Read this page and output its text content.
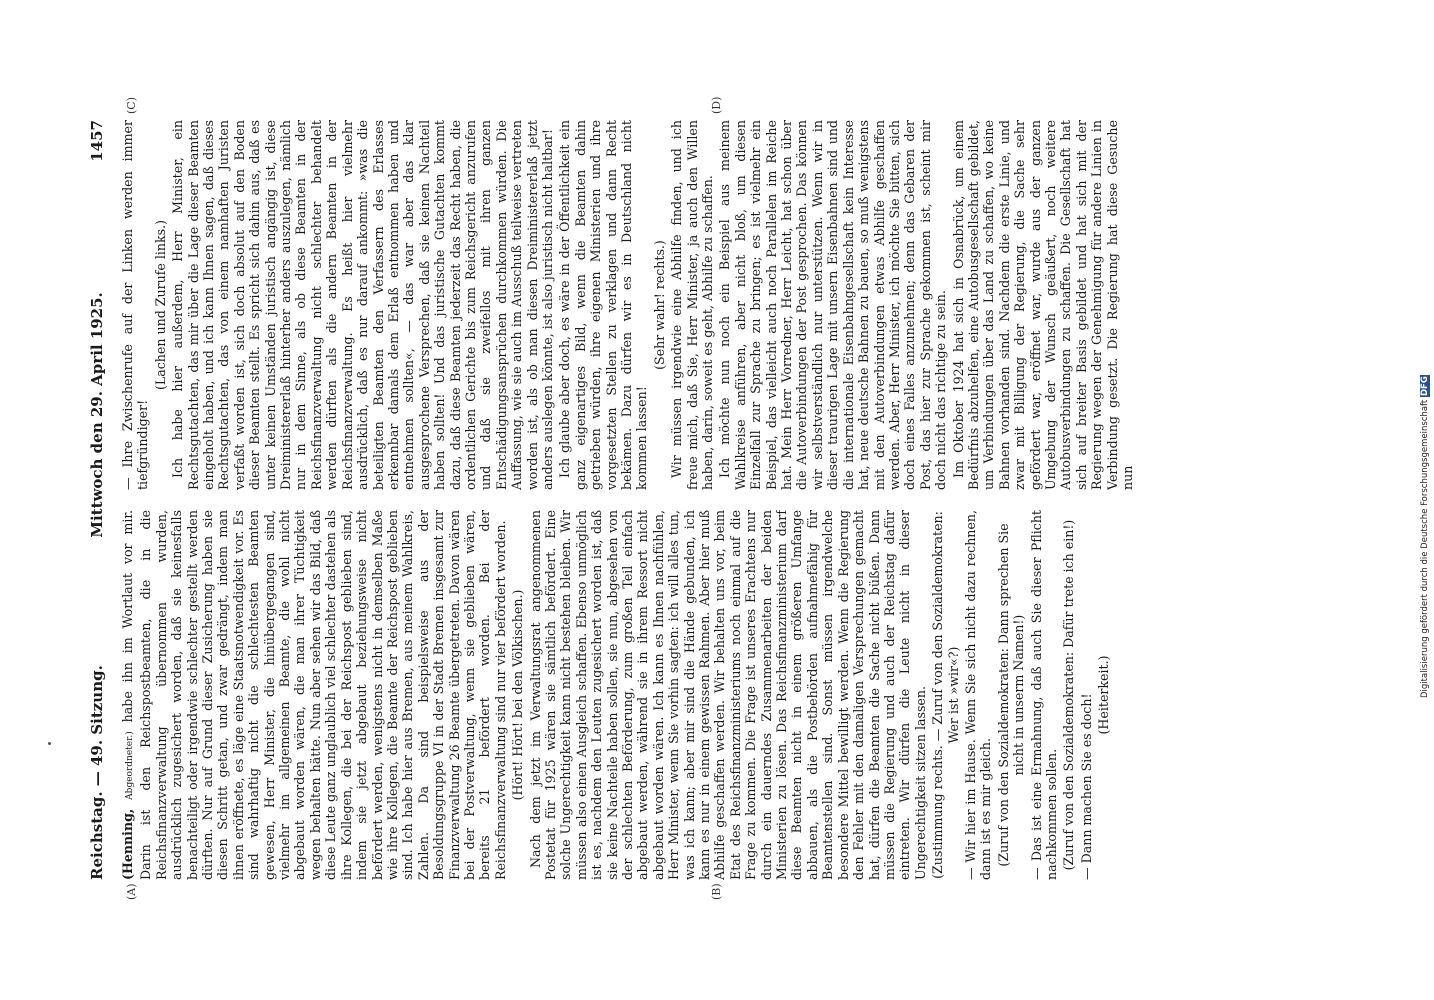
Reichstag. — 49. Sitzung.
Mittwoch den 29. April 1925.  1457
(A)	(B)
(C)	(D)

(Henning, Abgeordneter.) habe ihn im Wortlaut vor mir. Darin ist den Reichspostbeamten, die in die Reichsfinanzverwaltung übernommen wurden, ausdrücklich zugesichert worden, daß sie keinesfalls benachteiligt oder irgendwie schlechter gestellt werden dürften. Nur auf Grund dieser Zusicherung haben sie diesen Schritt getan, und zwar gedrängt, indem man ihnen eröffnete, es läge eine Staatsnotwendigkeit vor. Es sind wahrhaftig nicht die schlechtesten Beamten gewesen, Herr Minister, die hinübergegangen sind, vielmehr im allgemeinen Beamte, die wohl nicht abgebaut worden wären, die man ihrer Tüchtigkeit wegen behalten hätte. Nun aber sehen wir das Bild, daß diese Leute ganz unglaublich viel schlechter dastehen als ihre Kollegen, die bei der Reichspost geblieben sind, indem sie jetzt abgebaut beziehungsweise nicht befördert werden, wenigstens nicht in demselben Maße wie ihre Kollegen, die Beamte der Reichspost geblieben sind. Ich habe hier aus Bremen, aus meinem Wahlkreis, Zahlen. Da sind beispielsweise aus der Besoldungsgruppe VI in der Stadt Bremen insgesamt zur Finanzverwaltung 26 Beamte übergetreten. Davon wären bei der Postverwaltung, wenn sie geblieben wären, bereits 21 befördert worden. Bei der Reichsfinanzverwaltung sind nur vier befördert worden. (Hört! Hört! bei den Völkischen.) Nach dem jetzt im Verwaltungsrat angenommenen Postetat für 1925 wären sie sämtlich befördert. Eine solche Ungerechtigkeit kann nicht bestehen bleiben. Wir müssen also einen Ausgleich schaffen. Ebenso unmöglich ist es, nachdem den Leuten zugesichert worden ist, daß sie keine Nachteile haben sollen, sie nun, abgesehen von der schlechten Beförderung, zum großen Teil einfach abgebaut werden, während sie in ihrem Ressort nicht abgebaut worden wären. Ich kann es Ihnen nachfühlen, Herr Minister, wenn Sie vorhin sagten: ich will alles tun, was ich kann; aber mir sind die Hände gebunden, ich kann es nur in einem gewissen Rahmen. Aber hier muß Abhilfe geschaffen werden. Wir behalten uns vor, beim Etat des Reichsfinanzministeriums noch einmal auf die Frage zu kommen. Die Frage ist unseres Erachtens nur durch ein dauerndes Zusammenarbeiten der beiden Ministerien zu lösen. Das Reichsfinanzministerium darf diese Beamten nicht in einem größeren Umfange abbauen, als die Postbehörden aufnahmefähig für Beamtenstellen sind. Sonst müssen irgendwelche besondere Mittel bewilligt werden. Wenn die Regierung den Fehler mit den damaligen Versprechungen gemacht hat, dürfen die Beamten die Sache nicht büßen. Dann müssen die Regierung und auch der Reichstag dafür eintreten. Wir dürfen die Leute nicht in dieser Ungerechtigkeit sitzen lassen. (Zustimmung rechts. — Zuruf von den Sozialdemokraten: Wer ist »wir«?) — Wir hier im Hause. Wenn Sie sich nicht dazu rechnen, dann ist es mir gleich. (Zuruf von den Sozialdemokraten: Dann sprechen Sie nicht in unserm Namen!) — Das ist eine Ermahnung, daß auch Sie dieser Pflicht nachkommen sollen. (Zuruf von den Sozialdemokraten: Dafür trete ich ein!) — Dann machen Sie es doch! (Heiterkeit.)

— Ihre Zwischenrufe auf der Linken werden immer tiefgründiger!

(Lachen und Zurufe links.) Ich habe hier außerdem, Herr Minister, ein Rechtsgutachten, das mir über die Lage dieser Beamten eingeholt haben, und ich kann Ihnen sagen, daß dieses Rechtsgutachten, das von einem namhaften Juristen verfaßt worden ist, sich doch absolut auf den Boden dieser Beamten stellt. Es spricht sich dahin aus, daß es unter keinen Umständen juristisch angängig ist, diese Dreiministererlaß hinterher anders auszulegen, nämlich nur in dem Sinne, als ob diese Beamten in der Reichsfinanzverwaltung nicht schlechter behandelt werden dürften als die andern Beamten in der Reichsfinanzverwaltung. Es heißt hier vielmehr ausdrücklich, daß es nur darauf ankommt: »was die beteiligten Beamten den Verfassern des Erlasses erkennbar damals dem Erlaß entnommen haben und entnehmen sollten«, — das war aber das klar ausgesprochene Versprechen, daß sie keinen Nachteil haben sollten! Und das juristische Gutachten kommt dazu, daß diese Beamten jederzeit das Recht haben, die ordentlichen Gerichte bis zum Reichsgericht anzurufen und daß sie zweifellos mit ihren ganzen Entschädigungsansprüchen durchkommen würden. Die Auffassung, wie sie auch im Ausschuß teilweise vertreten worden ist, als ob man diesen Dreiministererlaß jetzt anders auslegen könnte, ist also juristisch nicht haltbar! Ich glaube aber doch, es wäre in der Öffentlichkeit ein ganz eigenartiges Bild, wenn die Beamten dahin getrieben würden, ihre eigenen Ministerien und ihre vorgesetzten Stellen zu verklagen und dann Recht bekämen. Dazu dürfen wir es in Deutschland nicht kommen lassen!

(Sehr wahr! rechts.) Wir müssen irgendwie eine Abhilfe finden, und ich freue mich, daß Sie, Herr Minister, ja auch den Willen haben, darin, soweit es geht, Abhilfe zu schaffen. Ich möchte nun noch ein Beispiel aus meinem Wahlkreise anführen, aber nicht bloß, um diesen Einzelfall zur Sprache zu bringen; es ist vielmehr ein Beispiel, das vielleicht auch noch Parallelen im Reiche hat. Mein Herr Vorredner, Herr Leicht, hat schon über die Autoverbindungen der Post gesprochen. Das können wir selbstverständlich nur unterstützen. Wenn wir in dieser traurigen Lage mit unsern Eisenbahnen sind und die internationale Eisenbahngesellschaft kein Interesse hat, neue deutsche Bahnen zu bauen, so muß wenigstens mit den Autoverbindungen etwas Abhilfe geschaffen werden. Aber, Herr Minister, ich möchte Sie bitten, sich doch eines Falles anzunehmen; denn das Gebaren der Post, das hier zur Sprache gekommen ist, scheint mir doch nicht das richtige zu sein. Im Oktober 1924 hat sich in Osnabrück, um einem Bedürfnis abzuhelfen, eine Autobusgesellschaft gebildet, um Verbindungen über das Land zu schaffen, wo keine Bahnen vorhanden sind. Nachdem die erste Linie, und zwar mit Billigung der Regierung, die Sache sehr gefördert war, eröffnet war, wurde aus der ganzen Umgebung der Wunsch geäußert, noch weitere Autobusverbindungen zu schaffen. Die Gesellschaft hat sich auf breiter Basis gebildet und hat sich mit der Regierung wegen der Genehmigung für andere Linien in Verbindung gesetzt. Die Regierung hat diese Gesuche nun	Digitalisierung gefördert durch die Deutsche Forschungsgemeinschaft DFG
